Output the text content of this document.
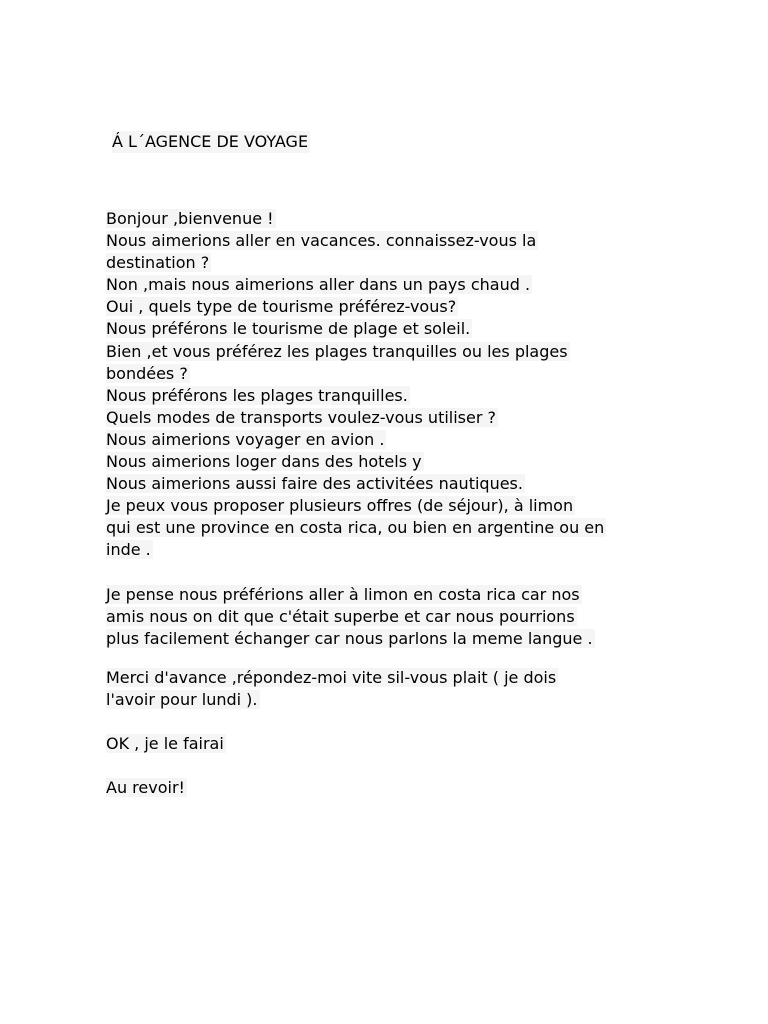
Á L´AGENCE DE VOYAGE
Bonjour ,bienvenue !
Nous aimerions aller en vacances. connaissez-vous la
destination ?
Non ,mais nous aimerions aller dans un pays chaud .
Oui , quels type de tourisme préférez-vous?
Nous préférons le tourisme de plage et soleil.
Bien ,et vous préférez les plages tranquilles ou les plages
bondées ?
Nous préférons les plages tranquilles.
Quels modes de transports voulez-vous utiliser ?
Nous aimerions voyager en avion .
Nous aimerions loger dans des hotels y
Nous aimerions aussi faire des activitées nautiques.
Je peux vous proposer plusieurs offres (de séjour), à limon
qui est une province en costa rica, ou bien en argentine ou en
inde .
Je pense nous préférions aller à limon en costa rica car nos
amis nous on dit que c'était superbe et car nous pourrions
plus facilement échanger car nous parlons la meme langue .
Merci d'avance ,répondez-moi vite sil-vous plait ( je dois
l'avoir pour lundi ).
OK , je le fairai
Au revoir!
